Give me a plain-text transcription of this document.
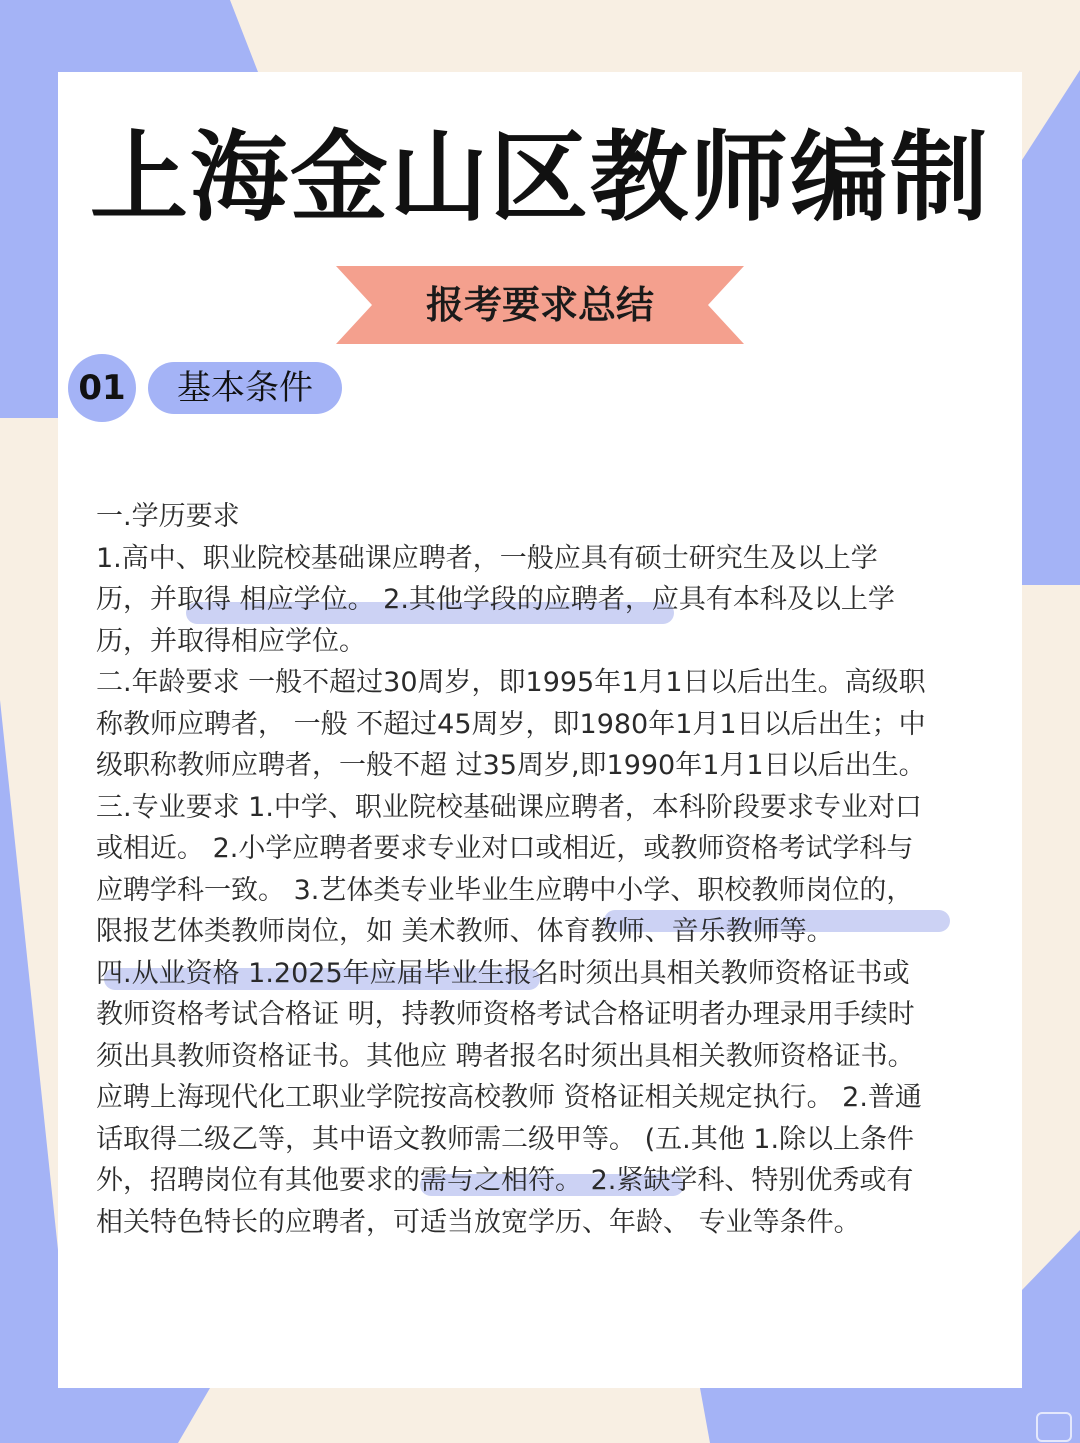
上海金山区教师编制
报考要求总结
01	基本条件
一.学历要求
1.高中、职业院校基础课应聘者，一般应具有硕士研究生及以上学
历，并取得 相应学位。 2.其他学段的应聘者，应具有本科及以上学
历，并取得相应学位。
二.年龄要求 一般不超过30周岁，即1995年1月1日以后出生。高级职
称教师应聘者， 一般 不超过45周岁，即1980年1月1日以后出生；中
级职称教师应聘者，一般不超 过35周岁,即1990年1月1日以后出生。
三.专业要求 1.中学、职业院校基础课应聘者，本科阶段要求专业对口
或相近。 2.小学应聘者要求专业对口或相近，或教师资格考试学科与
应聘学科一致。 3.艺体类专业毕业生应聘中小学、职校教师岗位的，
限报艺体类教师岗位，如 美术教师、体育教师、音乐教师等。
四.从业资格 1.2025年应届毕业生报名时须出具相关教师资格证书或
教师资格考试合格证 明，持教师资格考试合格证明者办理录用手续时
须出具教师资格证书。其他应 聘者报名时须出具相关教师资格证书。
应聘上海现代化工职业学院按高校教师 资格证相关规定执行。 2.普通
话取得二级乙等，其中语文教师需二级甲等。 (五.其他 1.除以上条件
外，招聘岗位有其他要求的需与之相符。 2.紧缺学科、特别优秀或有
相关特色特长的应聘者，可适当放宽学历、年龄、 专业等条件。
